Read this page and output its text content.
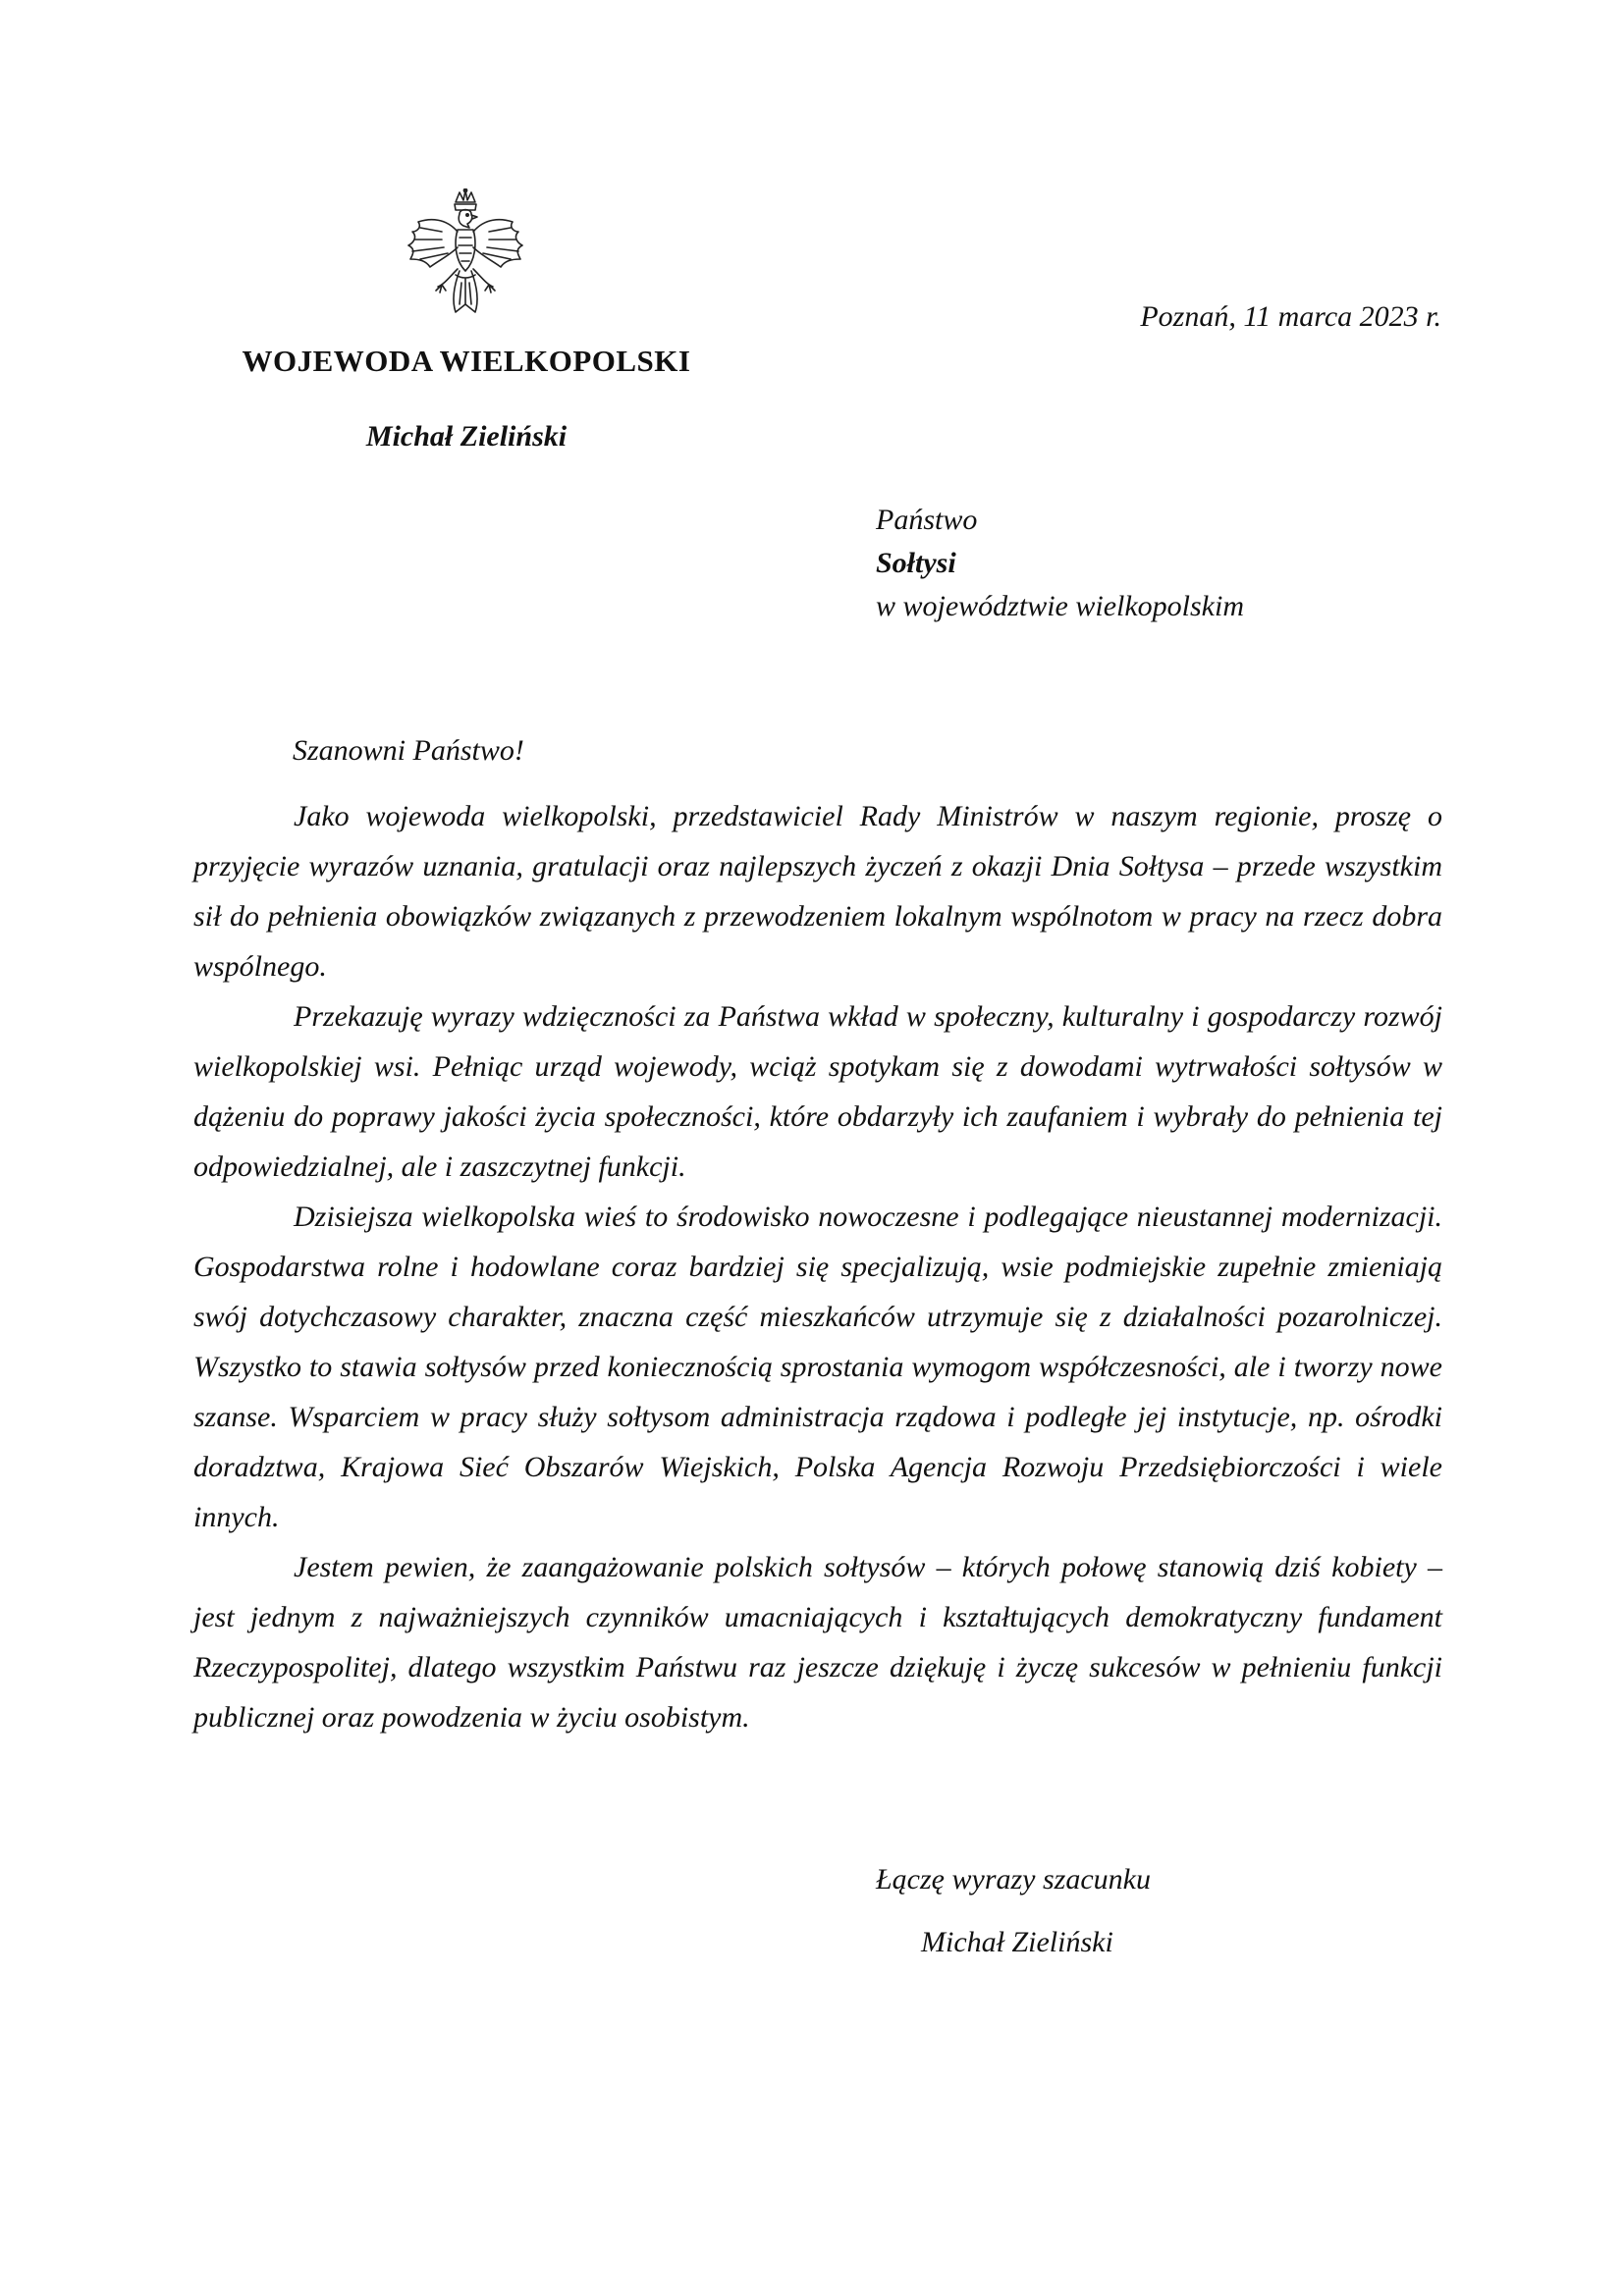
WOJEWODA WIELKOPOLSKI
Michał Zieliński
Poznań, 11 marca 2023 r.
Państwo
Sołtysi
w województwie wielkopolskim
Szanowni Państwo!

Jako wojewoda wielkopolski, przedstawiciel Rady Ministrów w naszym regionie, proszę o przyjęcie wyrazów uznania, gratulacji oraz najlepszych życzeń z okazji Dnia Sołtysa – przede wszystkim sił do pełnienia obowiązków związanych z przewodzeniem lokalnym wspólnotom w pracy na rzecz dobra wspólnego.

Przekazuję wyrazy wdzięczności za Państwa wkład w społeczny, kulturalny i gospodarczy rozwój wielkopolskiej wsi. Pełniąc urząd wojewody, wciąż spotykam się z dowodami wytrwałości sołtysów w dążeniu do poprawy jakości życia społeczności, które obdarzyły ich zaufaniem i wybrały do pełnienia tej odpowiedzialnej, ale i zaszczytnej funkcji.

Dzisiejsza wielkopolska wieś to środowisko nowoczesne i podlegające nieustannej modernizacji. Gospodarstwa rolne i hodowlane coraz bardziej się specjalizują, wsie podmiejskie zupełnie zmieniają swój dotychczasowy charakter, znaczna część mieszkańców utrzymuje się z działalności pozarolniczej. Wszystko to stawia sołtysów przed koniecznością sprostania wymogom współczesności, ale i tworzy nowe szanse. Wsparciem w pracy służy sołtysom administracja rządowa i podległe jej instytucje, np. ośrodki doradztwa, Krajowa Sieć Obszarów Wiejskich, Polska Agencja Rozwoju Przedsiębiorczości i wiele innych.

Jestem pewien, że zaangażowanie polskich sołtysów – których połowę stanowią dziś kobiety – jest jednym z najważniejszych czynników umacniających i kształtujących demokratyczny fundament Rzeczypospolitej, dlatego wszystkim Państwu raz jeszcze dziękuję i życzę sukcesów w pełnieniu funkcji publicznej oraz powodzenia w życiu osobistym.

Łączę wyrazy szacunku
Michał Zieliński
